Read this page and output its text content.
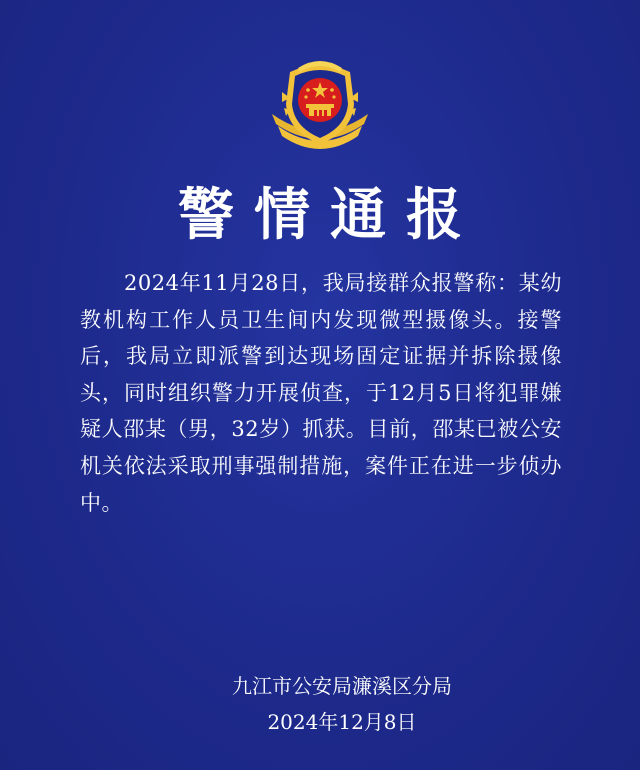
警情通报

2024年11月28日，我局接群众报警称：某幼教机构工作人员卫生间内发现微型摄像头。接警后，我局立即派警到达现场固定证据并拆除摄像头，同时组织警力开展侦查，于12月5日将犯罪嫌疑人邵某（男，32岁）抓获。目前，邵某已被公安机关依法采取刑事强制措施，案件正在进一步侦办中。

九江市公安局濂溪区分局
2024年12月8日
